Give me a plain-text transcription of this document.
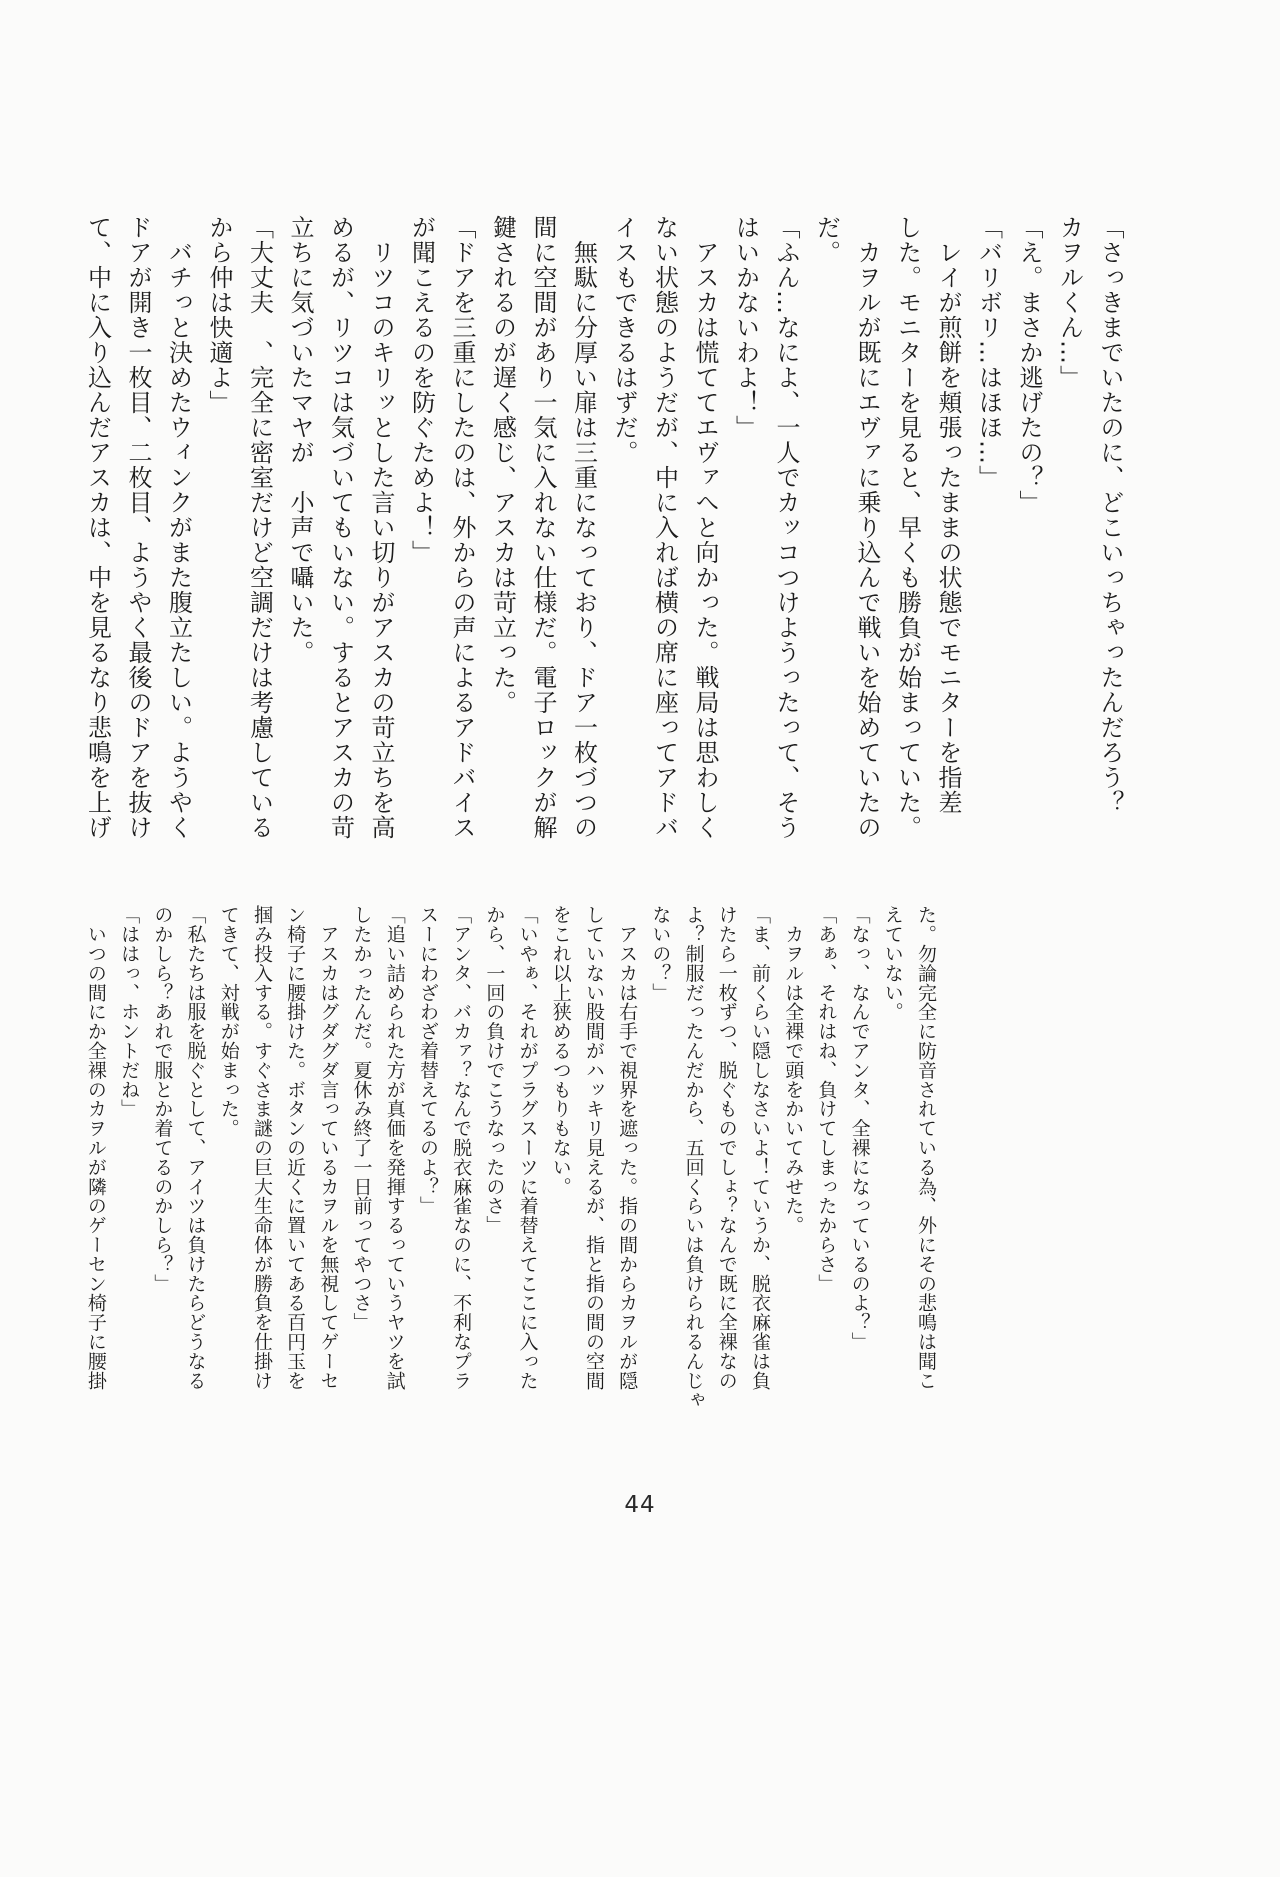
「さっきまでいたのに、どこいっちゃったんだろう？

カヲルくん…」

「え。まさか逃げたの？」

「バリボリ…はほほ…」

　レイが煎餅を頬張ったままの状態でモニターを指差

した。モニターを見ると、早くも勝負が始まっていた。

　カヲルが既にエヴァに乗り込んで戦いを始めていたの

だ。

「ふん…なによ、一人でカッコつけようったって、そう

はいかないわよ！」

　アスカは慌ててエヴァへと向かった。戦局は思わしく

ない状態のようだが、中に入れば横の席に座ってアドバ

イスもできるはずだ。

　無駄に分厚い扉は三重になっており、ドア一枚づつの

間に空間があり一気に入れない仕様だ。電子ロックが解

鍵されるのが遅く感じ、アスカは苛立った。

「ドアを三重にしたのは、外からの声によるアドバイス

が聞こえるのを防ぐためよ！」

　リツコのキリッとした言い切りがアスカの苛立ちを高

めるが、リツコは気づいてもいない。するとアスカの苛

立ちに気づいたマヤが　小声で囁いた。

「大丈夫　、完全に密室だけど空調だけは考慮している

から仲は快適よ」

　バチっと決めたウィンクがまた腹立たしい。ようやく

ドアが開き一枚目、二枚目、ようやく最後のドアを抜け

て、中に入り込んだアスカは、中を見るなり悲鳴を上げ

た。勿論完全に防音されている為、外にその悲鳴は聞こ

えていない。

「なっ、なんでアンタ、全裸になっているのよ？」

「あぁ、それはね、負けてしまったからさ」

　カヲルは全裸で頭をかいてみせた。

「ま、前くらい隠しなさいよ！ていうか、脱衣麻雀は負

けたら一枚ずつ、脱ぐものでしょ？なんで既に全裸なの

よ？制服だったんだから、五回くらいは負けられるんじゃ

ないの？」

　アスカは右手で視界を遮った。指の間からカヲルが隠

していない股間がハッキリ見えるが、指と指の間の空間

をこれ以上狭めるつもりもない。

「いやぁ、それがプラグスーツに着替えてここに入った

から、一回の負けでこうなったのさ」

「アンタ、バカァ？なんで脱衣麻雀なのに、不利なプラ

スーにわざわざ着替えてるのよ？」

「追い詰められた方が真価を発揮するっていうヤツを試

したかったんだ。夏休み終了一日前ってやつさ」

　アスカはグダグダ言っているカヲルを無視してゲーセ

ン椅子に腰掛けた。ボタンの近くに置いてある百円玉を

掴み投入する。すぐさま謎の巨大生命体が勝負を仕掛け

てきて、対戦が始まった。

「私たちは服を脱ぐとして、アイツは負けたらどうなる

のかしら？あれで服とか着てるのかしら？」

「ははっ、ホントだね」

　いつの間にか全裸のカヲルが隣のゲーセン椅子に腰掛

44
